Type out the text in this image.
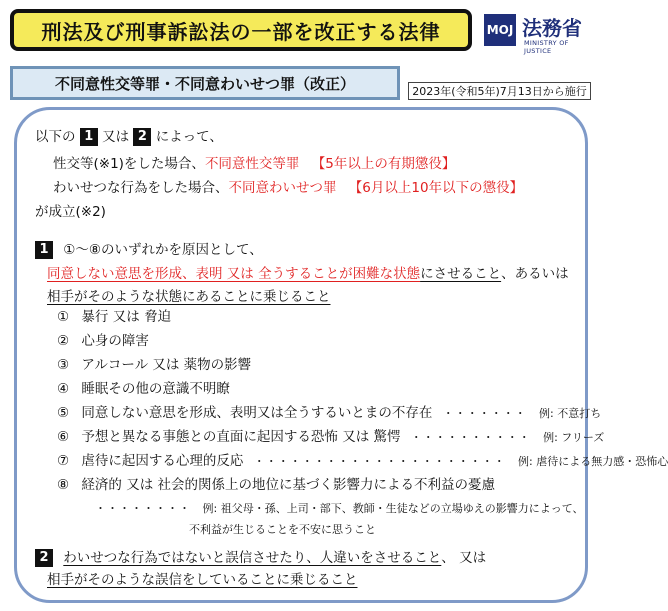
刑法及び刑事訴訟法の一部を改正する法律	MOJ 法務省
MINISTRY OF JUSTICE
不同意性交等罪・不同意わいせつ罪（改正）	2023年(令和5年)7月13日から施行
以下の 1 又は 2 によって、
性交等(※1)をした場合、不同意性交等罪 【5年以上の有期懲役】
わいせつな行為をした場合、不同意わいせつ罪 【6月以上10年以下の懲役】
が成立(※2)
1 ①～⑧のいずれかを原因として、
同意しない意思を形成、表明 又は 全うすることが困難な状態にさせること、あるいは
相手がそのような状態にあることに乗じること
① 暴行 又は 脅迫
② 心身の障害
③ アルコール 又は 薬物の影響
④ 睡眠その他の意識不明瞭
⑤ 同意しない意思を形成、表明又は全うするいとまの不存在 ・・・・・・・ 例: 不意打ち
⑥ 予想と異なる事態との直面に起因する恐怖 又は 驚愕 ・・・・・・・・・・ 例: フリーズ
⑦ 虐待に起因する心理的反応 ・・・・・・・・・・・・・・・・・・・・・ 例: 虐待による無力感・恐怖心
⑧ 経済的 又は 社会的関係上の地位に基づく影響力による不利益の憂慮
・・・・・・・・ 例: 祖父母・孫、上司・部下、教師・生徒などの立場ゆえの影響力によって、
不利益が生じることを不安に思うこと
2 わいせつな行為ではないと誤信させたり、人違いをさせること、 又は
相手がそのような誤信をしていることに乗じること
